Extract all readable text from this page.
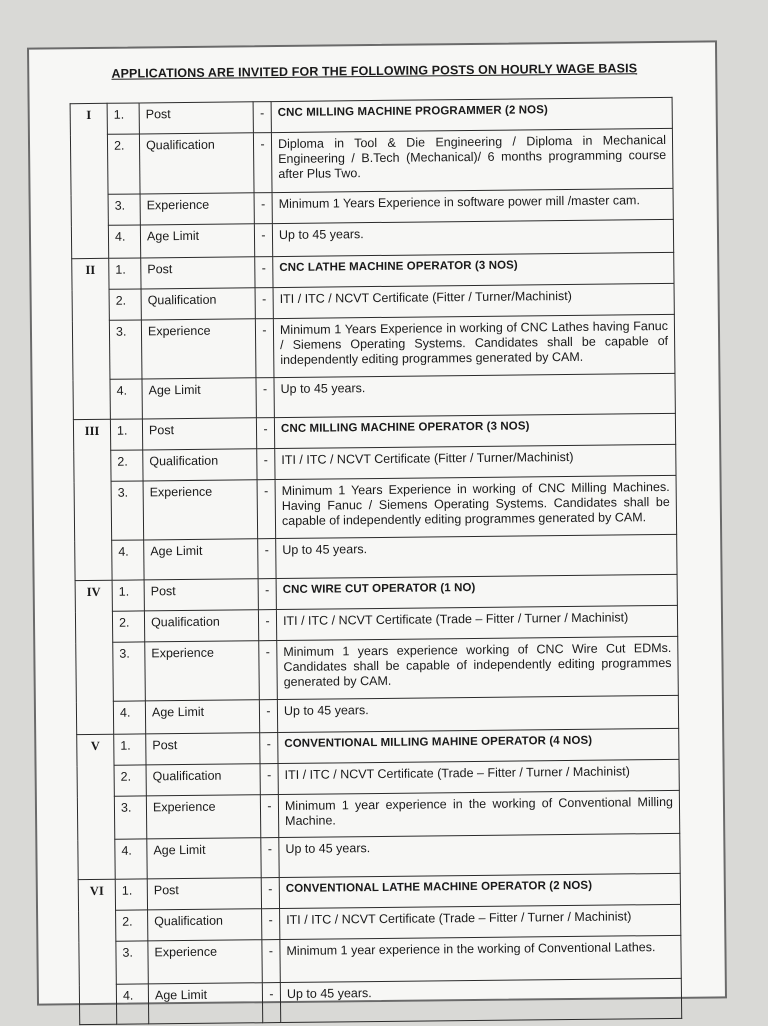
APPLICATIONS ARE INVITED FOR THE FOLLOWING POSTS ON HOURLY WAGE BASIS
I	1.	Post	-	CNC MILLING MACHINE PROGRAMMER (2 NOS)
	2.	Qualification	-	Diploma in Tool & Die Engineering / Diploma in Mechanical Engineering / B.Tech (Mechanical)/ 6 months programming course after Plus Two.
	3.	Experience	-	Minimum 1 Years Experience in software power mill /master cam.
	4.	Age Limit	-	Up to 45 years.
II	1.	Post	-	CNC LATHE MACHINE OPERATOR (3 NOS)
	2.	Qualification	-	ITI / ITC / NCVT Certificate (Fitter / Turner/Machinist)
	3.	Experience	-	Minimum 1 Years Experience in working of CNC Lathes having Fanuc / Siemens Operating Systems. Candidates shall be capable of independently editing programmes generated by CAM.
	4.	Age Limit	-	Up to 45 years.
III	1.	Post	-	CNC MILLING MACHINE OPERATOR (3 NOS)
	2.	Qualification	-	ITI / ITC / NCVT Certificate (Fitter / Turner/Machinist)
	3.	Experience	-	Minimum 1 Years Experience in working of CNC Milling Machines. Having Fanuc / Siemens Operating Systems. Candidates shall be capable of independently editing programmes generated by CAM.
	4.	Age Limit	-	Up to 45 years.
IV	1.	Post	-	CNC WIRE CUT OPERATOR (1 NO)
	2.	Qualification	-	ITI / ITC / NCVT Certificate (Trade – Fitter / Turner / Machinist)
	3.	Experience	-	Minimum 1 years experience working of CNC Wire Cut EDMs. Candidates shall be capable of independently editing programmes generated by CAM.
	4.	Age Limit	-	Up to 45 years.
V	1.	Post	-	CONVENTIONAL MILLING MAHINE OPERATOR (4 NOS)
	2.	Qualification	-	ITI / ITC / NCVT Certificate (Trade – Fitter / Turner / Machinist)
	3.	Experience	-	Minimum 1 year experience in the working of Conventional Milling Machine.
	4.	Age Limit	-	Up to 45 years.
VI	1.	Post	-	CONVENTIONAL LATHE MACHINE OPERATOR (2 NOS)
	2.	Qualification	-	ITI / ITC / NCVT Certificate (Trade – Fitter / Turner / Machinist)
	3.	Experience	-	Minimum 1 year experience in the working of Conventional Lathes.
	4.	Age Limit	-	Up to 45 years.
